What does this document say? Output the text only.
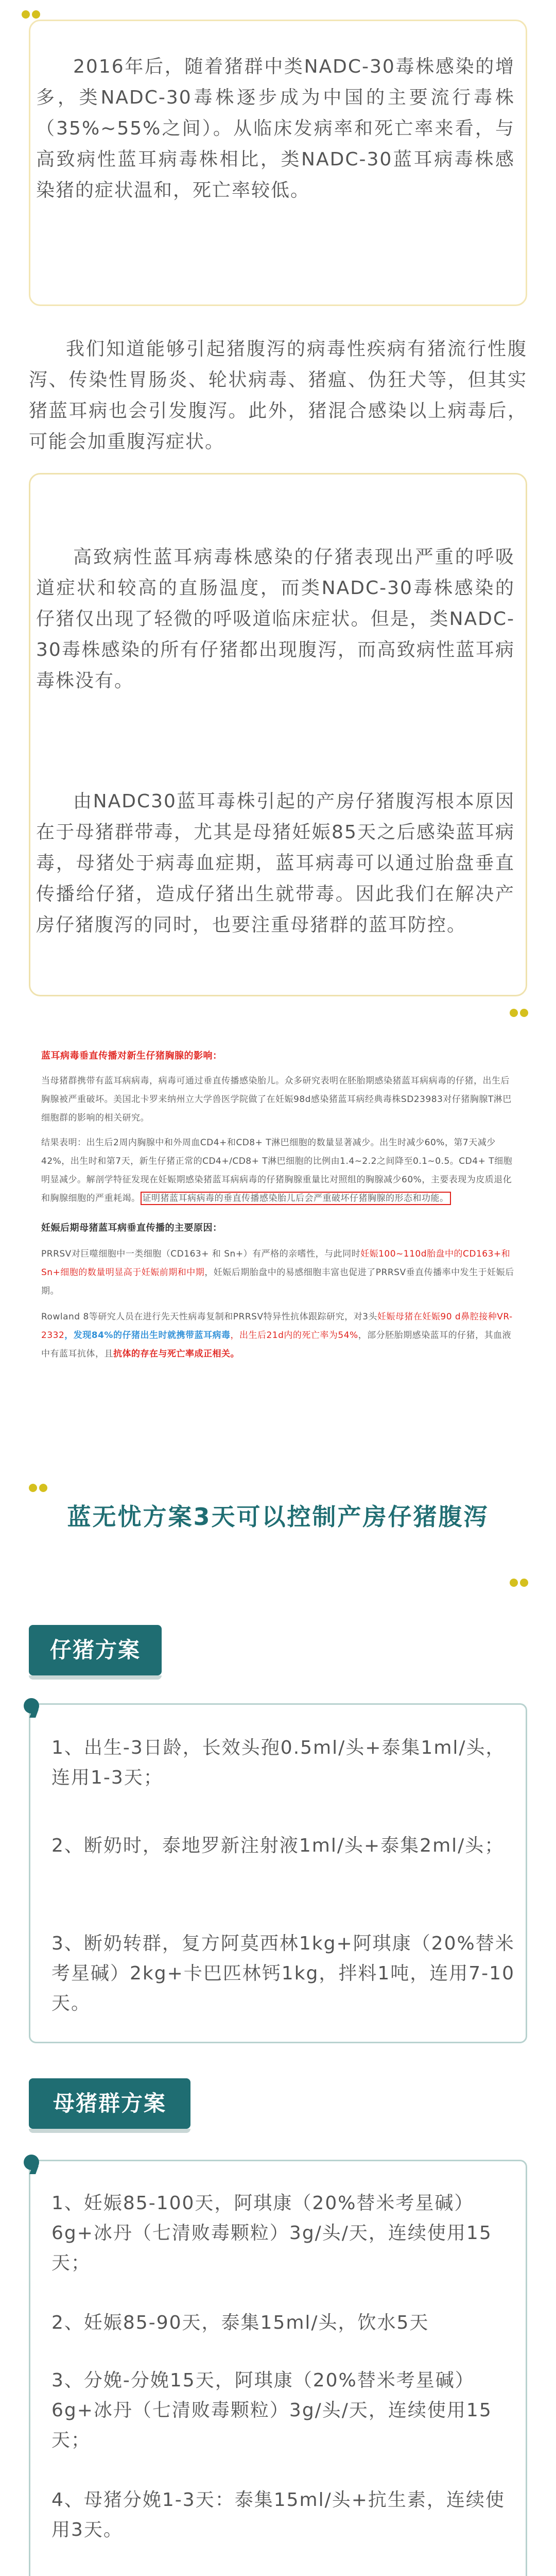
2016年后，随着猪群中类NADC-30毒株感染的增多，类NADC-30毒株逐步成为中国的主要流行毒株（35%~55%之间）。从临床发病率和死亡率来看，与高致病性蓝耳病毒株相比，类NADC-30蓝耳病毒株感染猪的症状温和，死亡率较低。
我们知道能够引起猪腹泻的病毒性疾病有猪流行性腹泻、传染性胃肠炎、轮状病毒、猪瘟、伪狂犬等，但其实猪蓝耳病也会引发腹泻。此外，猪混合感染以上病毒后，可能会加重腹泻症状。
高致病性蓝耳病毒株感染的仔猪表现出严重的呼吸道症状和较高的直肠温度，而类NADC-30毒株感染的仔猪仅出现了轻微的呼吸道临床症状。但是，类NADC-30毒株感染的所有仔猪都出现腹泻，而高致病性蓝耳病毒株没有。
由NADC30蓝耳毒株引起的产房仔猪腹泻根本原因在于母猪群带毒，尤其是母猪妊娠85天之后感染蓝耳病毒，母猪处于病毒血症期，蓝耳病毒可以通过胎盘垂直传播给仔猪，造成仔猪出生就带毒。因此我们在解决产房仔猪腹泻的同时，也要注重母猪群的蓝耳防控。
蓝耳病毒垂直传播对新生仔猪胸腺的影响：
当母猪群携带有蓝耳病病毒，病毒可通过垂直传播感染胎儿。众多研究表明在胚胎期感染猪蓝耳病病毒的仔猪，出生后胸腺被严重破坏。美国北卡罗来纳州立大学兽医学院做了在妊娠98d感染猪蓝耳病经典毒株SD23983对仔猪胸腺T淋巴细胞群的影响的相关研究。
结果表明：出生后2周内胸腺中和外周血CD4+和CD8+ T淋巴细胞的数量显著减少。出生时减少60%，第7天减少42%，出生时和第7天，新生仔猪正常的CD4+/CD8+ T淋巴细胞的比例由1.4~2.2之间降至0.1~0.5。CD4+ T细胞明显减少。解剖学特征发现在妊娠期感染猪蓝耳病病毒的仔猪胸腺重量比对照组的胸腺减少60%，主要表现为皮质退化和胸腺细胞的严重耗竭。 证明猪蓝耳病病毒的垂直传播感染胎儿后会严重破坏仔猪胸腺的形态和功能。
妊娠后期母猪蓝耳病垂直传播的主要原因：
PRRSV对巨噬细胞中一类细胞（CD163+ 和 Sn+）有严格的亲嗜性，与此同时妊娠100~110d胎盘中的CD163+和Sn+细胞的数量明显高于妊娠前期和中期，妊娠后期胎盘中的易感细胞丰富也促进了PRRSV垂直传播率中发生于妊娠后期。
Rowland 8等研究人员在进行先天性病毒复制和PRRSV特异性抗体跟踪研究，对3头妊娠母猪在妊娠90 d鼻腔接种VR-2332，发现84%的仔猪出生时就携带蓝耳病毒，出生后21d内的死亡率为54%，部分胚胎期感染蓝耳的仔猪，其血液中有蓝耳抗体，且抗体的存在与死亡率成正相关。
蓝无忧方案3天可以控制产房仔猪腹泻
仔猪方案
1、出生-3日龄，长效头孢0.5ml/头+泰集1ml/头，连用1-3天；
2、断奶时，泰地罗新注射液1ml/头+泰集2ml/头；
3、断奶转群，复方阿莫西林1kg+阿琪康（20%替米考星碱）2kg+卡巴匹林钙1kg，拌料1吨，连用7-10天。
母猪群方案
1、妊娠85-100天，阿琪康（20%替米考星碱）6g+冰丹（七清败毒颗粒）3g/头/天，连续使用15天；
2、妊娠85-90天，泰集15ml/头，饮水5天
3、分娩-分娩15天，阿琪康（20%替米考星碱）6g+冰丹（七清败毒颗粒）3g/头/天，连续使用15天；
4、母猪分娩1-3天：泰集15ml/头+抗生素，连续使用3天。
